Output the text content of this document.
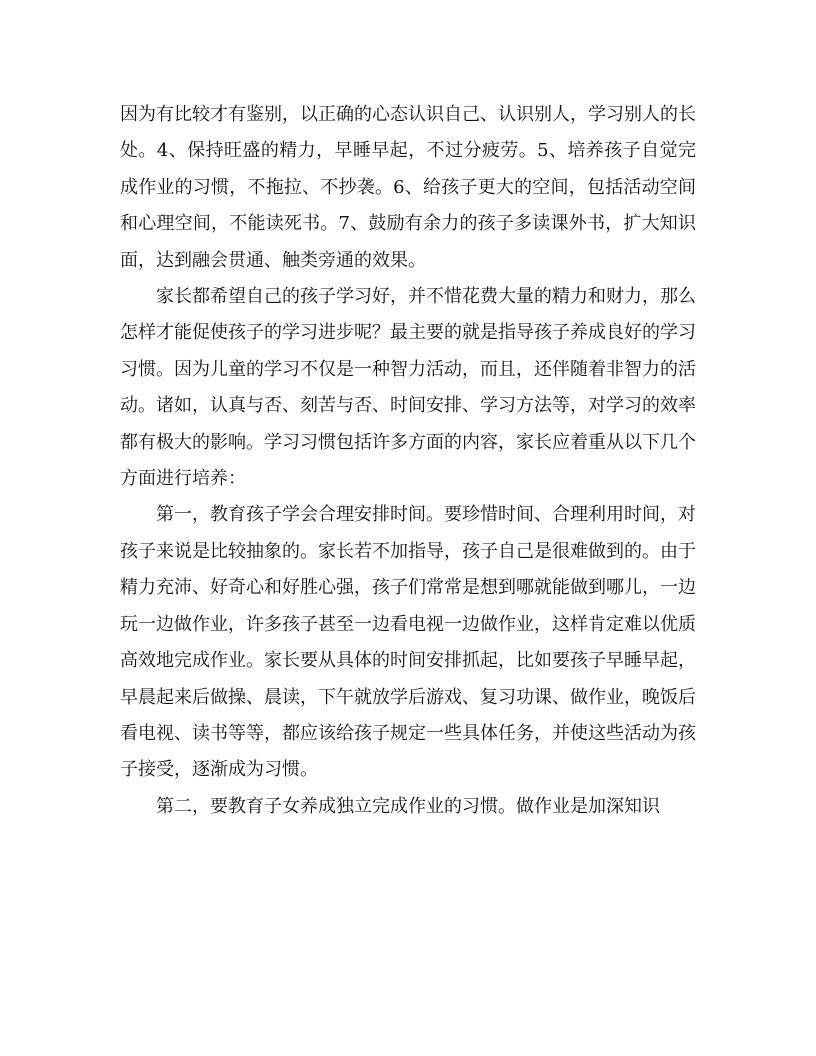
因为有比较才有鉴别，以正确的心态认识自己、认识别人，学习别人的长处。4、保持旺盛的精力，早睡早起，不过分疲劳。5、培养孩子自觉完成作业的习惯，不拖拉、不抄袭。6、给孩子更大的空间，包括活动空间和心理空间，不能读死书。7、鼓励有余力的孩子多读课外书，扩大知识面，达到融会贯通、触类旁通的效果。

家长都希望自己的孩子学习好，并不惜花费大量的精力和财力，那么怎样才能促使孩子的学习进步呢？最主要的就是指导孩子养成良好的学习习惯。因为儿童的学习不仅是一种智力活动，而且，还伴随着非智力的活动。诸如，认真与否、刻苦与否、时间安排、学习方法等，对学习的效率都有极大的影响。学习习惯包括许多方面的内容，家长应着重从以下几个方面进行培养：

第一，教育孩子学会合理安排时间。要珍惜时间、合理利用时间，对孩子来说是比较抽象的。家长若不加指导，孩子自己是很难做到的。由于精力充沛、好奇心和好胜心强，孩子们常常是想到哪就能做到哪儿，一边玩一边做作业，许多孩子甚至一边看电视一边做作业，这样肯定难以优质高效地完成作业。家长要从具体的时间安排抓起，比如要孩子早睡早起，早晨起来后做操、晨读，下午就放学后游戏、复习功课、做作业，晚饭后看电视、读书等等，都应该给孩子规定一些具体任务，并使这些活动为孩子接受，逐渐成为习惯。

第二，要教育子女养成独立完成作业的习惯。做作业是加深知识
